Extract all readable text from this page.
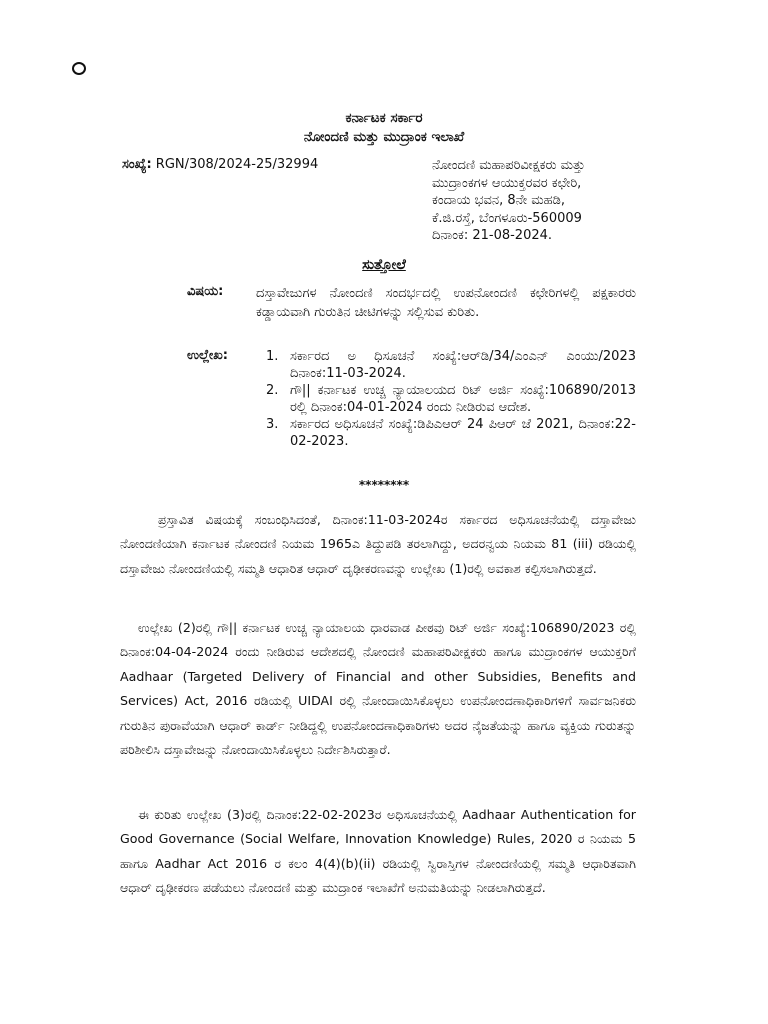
ಕರ್ನಾಟಕ ಸರ್ಕಾರ
ನೋಂದಣಿ ಮತ್ತು ಮುದ್ರಾಂಕ ಇಲಾಖೆ
ಸಂಖ್ಯೆ: RGN/308/2024-25/32994	ನೋಂದಣಿ ಮಹಾಪರಿವೀಕ್ಷಕರು ಮತ್ತು
ಮುದ್ರಾಂಕಗಳ ಆಯುಕ್ತರವರ ಕಛೇರಿ,
ಕಂದಾಯ ಭವನ, 8ನೇ ಮಹಡಿ,
ಕೆ.ಜಿ.ರಸ್ತೆ, ಬೆಂಗಳೂರು-560009
ದಿನಾಂಕ: 21-08-2024.
ಸುತ್ತೋಲೆ
ವಿಷಯ:	ದಸ್ತಾವೇಜುಗಳ ನೋಂದಣಿ ಸಂದರ್ಭದಲ್ಲಿ ಉಪನೋಂದಣಿ ಕಛೇರಿಗಳಲ್ಲಿ ಪಕ್ಷಕಾರರು ಕಡ್ಡಾಯವಾಗಿ ಗುರುತಿನ ಚೀಟಿಗಳನ್ನು ಸಲ್ಲಿಸುವ ಕುರಿತು.
ಉಲ್ಲೇಖ:	1. ಸರ್ಕಾರದ ಅ ಧಿಸೂಚನೆ ಸಂಖ್ಯೆ:ಆರ್‌ಡಿ/34/ಎಂಎನ್ ಎಂಯು/2023 ದಿನಾಂಕ:11-03-2024.
2. ಗೌ|| ಕರ್ನಾಟಕ ಉಚ್ಚ ನ್ಯಾಯಾಲಯದ ರಿಟ್ ಅರ್ಜಿ ಸಂಖ್ಯೆ:106890/2013 ರಲ್ಲಿ ದಿನಾಂಕ:04-01-2024 ರಂದು ನೀಡಿರುವ ಆದೇಶ.
3. ಸರ್ಕಾರದ ಅಧಿಸೂಚನೆ ಸಂಖ್ಯೆ:ಡಿಪಿಎಆರ್ 24 ಪಿಆರ್ ಜೆ 2021, ದಿನಾಂಕ:22-02-2023.
********
ಪ್ರಸ್ತಾವಿತ ವಿಷಯಕ್ಕೆ ಸಂಬಂಧಿಸಿದಂತೆ, ದಿನಾಂಕ:11-03-2024ರ ಸರ್ಕಾರದ ಅಧಿಸೂಚನೆಯಲ್ಲಿ ದಸ್ತಾವೇಜು ನೋಂದಣಿಯಾಗಿ ಕರ್ನಾಟಕ ನೋಂದಣಿ ನಿಯಮ 1965ಎ ತಿದ್ದುಪಡಿ ತರಲಾಗಿದ್ದು, ಅದರನ್ವಯ ನಿಯಮ 81 (iii) ರಡಿಯಲ್ಲಿ ದಸ್ತಾವೇಜು ನೋಂದಣಿಯಲ್ಲಿ ಸಮ್ಮತಿ ಆಧಾರಿತ ಆಧಾರ್ ದೃಢೀಕರಣವನ್ನು ಉಲ್ಲೇಖ (1)ರಲ್ಲಿ ಅವಕಾಶ ಕಲ್ಪಿಸಲಾಗಿರುತ್ತದೆ.
ಉಲ್ಲೇಖ (2)ರಲ್ಲಿ ಗೌ|| ಕರ್ನಾಟಕ ಉಚ್ಚ ನ್ಯಾಯಾಲಯ ಧಾರವಾಡ ಪೀಠವು ರಿಟ್ ಅರ್ಜಿ ಸಂಖ್ಯೆ:106890/2023 ರಲ್ಲಿ ದಿನಾಂಕ:04-04-2024 ರಂದು ನೀಡಿರುವ ಆದೇಶದಲ್ಲಿ ನೋಂದಣಿ ಮಹಾಪರಿವೀಕ್ಷಕರು ಹಾಗೂ ಮುದ್ರಾಂಕಗಳ ಆಯುಕ್ತರಿಗೆ Aadhaar (Targeted Delivery of Financial and other Subsidies, Benefits and Services) Act, 2016 ರಡಿಯಲ್ಲಿ UIDAI ರಲ್ಲಿ ನೋಂದಾಯಿಸಿಕೊಳ್ಳಲು ಉಪನೋಂದಣಾಧಿಕಾರಿಗಳಿಗೆ ಸಾರ್ವಜನಿಕರು ಗುರುತಿನ ಪುರಾವೆಯಾಗಿ ಆಧಾರ್ ಕಾರ್ಡ್ ನೀಡಿದ್ದಲ್ಲಿ ಉಪನೋಂದಣಾಧಿಕಾರಿಗಳು ಅದರ ನೈಜತೆಯನ್ನು ಹಾಗೂ ವ್ಯಕ್ತಿಯ ಗುರುತನ್ನು ಪರಿಶೀಲಿಸಿ ದಸ್ತಾವೇಜನ್ನು ನೋಂದಾಯಿಸಿಕೊಳ್ಳಲು ನಿರ್ದೇಶಿಸಿರುತ್ತಾರೆ.
ಈ ಕುರಿತು ಉಲ್ಲೇಖ (3)ರಲ್ಲಿ ದಿನಾಂಕ:22-02-2023ರ ಅಧಿಸೂಚನೆಯಲ್ಲಿ Aadhaar Authentication for Good Governance (Social Welfare, Innovation Knowledge) Rules, 2020 ರ ನಿಯಮ 5 ಹಾಗೂ Aadhar Act 2016 ರ ಕಲಂ 4(4)(b)(ii) ರಡಿಯಲ್ಲಿ ಸ್ವಿರಾಸ್ತಿಗಳ ನೋಂದಣಿಯಲ್ಲಿ ಸಮ್ಮತಿ ಆಧಾರಿತವಾಗಿ ಆಧಾರ್ ದೃಢೀಕರಣ ಪಡೆಯಲು ನೋಂದಣಿ ಮತ್ತು ಮುದ್ರಾಂಕ ಇಲಾಖೆಗೆ ಅನುಮತಿಯನ್ನು ನೀಡಲಾಗಿರುತ್ತದೆ.
